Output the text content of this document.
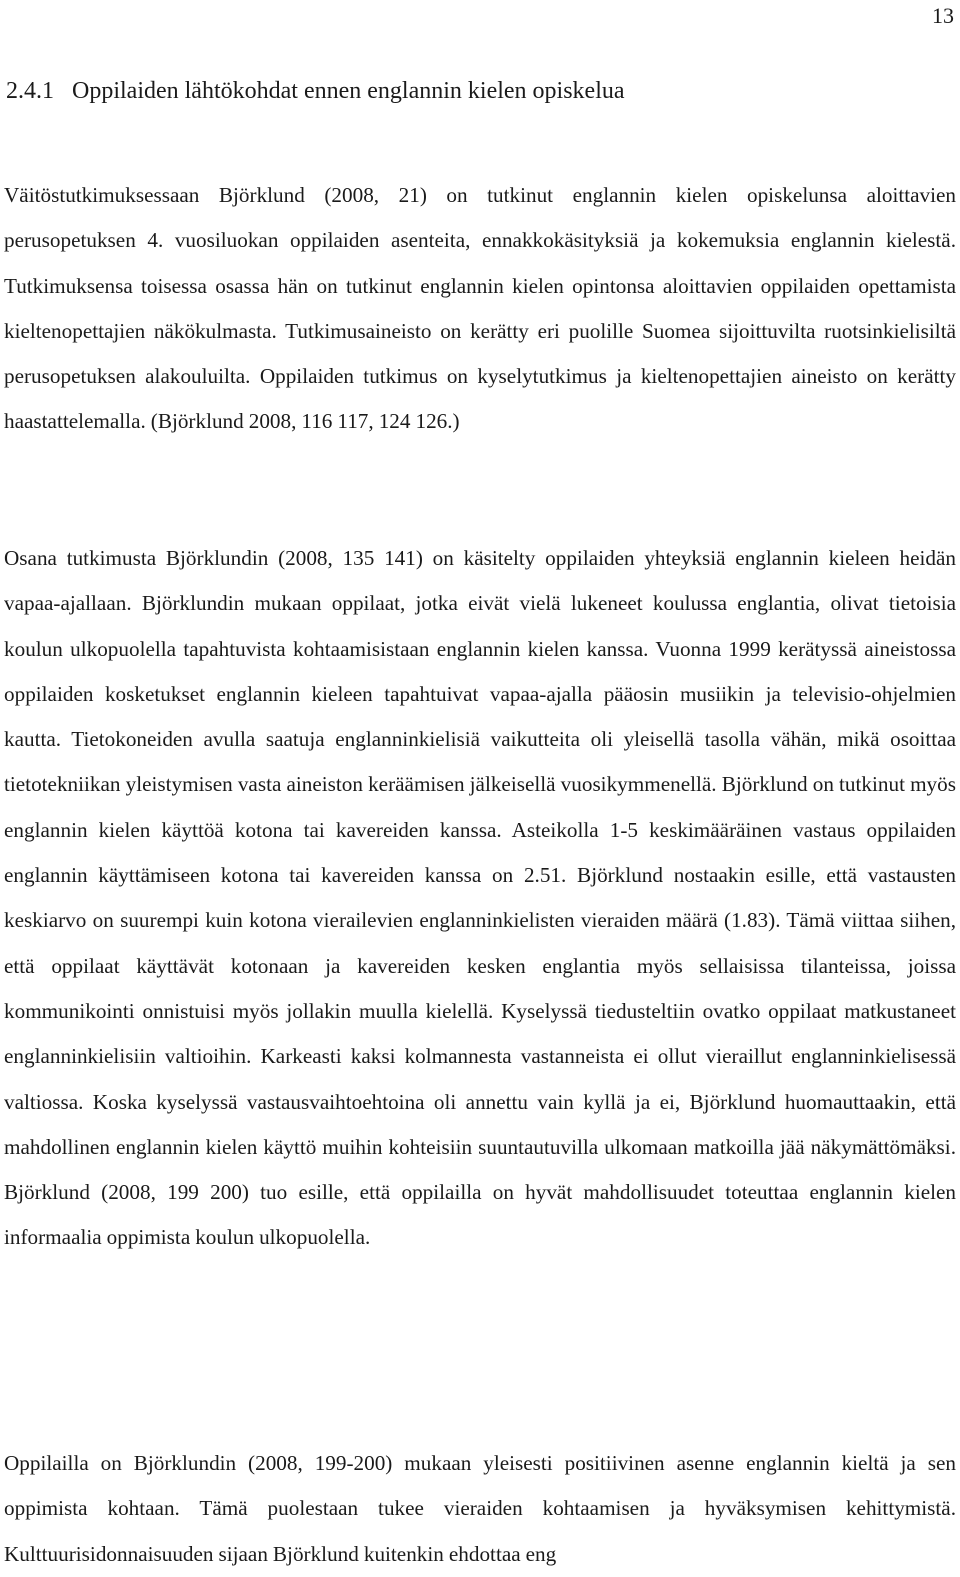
13
2.4.1 Oppilaiden lähtökohdat ennen englannin kielen opiskelua

Väitöstutkimuksessaan Björklund (2008, 21) on tutkinut englannin kielen opiskelunsa aloittavien perusopetuksen 4. vuosiluokan oppilaiden asenteita, ennakkokäsityksiä ja kokemuksia englannin kielestä. Tutkimuksensa toisessa osassa hän on tutkinut englannin kielen opintonsa aloittavien oppilaiden opettamista kieltenopettajien näkökulmasta. Tutkimusaineisto on kerätty eri puolille Suomea sijoittuvilta ruotsinkielisiltä perusopetuksen alakouluilta. Oppilaiden tutkimus on kyselytutkimus ja kieltenopettajien aineisto on kerätty haastattelemalla. (Björklund 2008, 116 117, 124 126.)

Osana tutkimusta Björklundin (2008, 135 141) on käsitelty oppilaiden yhteyksiä englannin kieleen heidän vapaa-ajallaan. Björklundin mukaan oppilaat, jotka eivät vielä lukeneet koulussa englantia, olivat tietoisia koulun ulkopuolella tapahtuvista kohtaamisistaan englannin kielen kanssa. Vuonna 1999 kerätyssä aineistossa oppilaiden kosketukset englannin kieleen tapahtuivat vapaa-ajalla pääosin musiikin ja televisio-ohjelmien kautta. Tietokoneiden avulla saatuja englanninkielisiä vaikutteita oli yleisellä tasolla vähän, mikä osoittaa tietotekniikan yleistymisen vasta aineiston keräämisen jälkeisellä vuosikymmenellä. Björklund on tutkinut myös englannin kielen käyttöä kotona tai kavereiden kanssa. Asteikolla 1-5 keskimääräinen vastaus oppilaiden englannin käyttämiseen kotona tai kavereiden kanssa on 2.51. Björklund nostaakin esille, että vastausten keskiarvo on suurempi kuin kotona vierailevien englanninkielisten vieraiden määrä (1.83). Tämä viittaa siihen, että oppilaat käyttävät kotonaan ja kavereiden kesken englantia myös sellaisissa tilanteissa, joissa kommunikointi onnistuisi myös jollakin muulla kielellä. Kyselyssä tiedusteltiin ovatko oppilaat matkustaneet englanninkielisiin valtioihin. Karkeasti kaksi kolmannesta vastanneista ei ollut vieraillut englanninkielisessä valtiossa. Koska kyselyssä vastausvaihtoehtoina oli annettu vain kyllä ja ei, Björklund huomauttaakin, että mahdollinen englannin kielen käyttö muihin kohteisiin suuntautuvilla ulkomaan matkoilla jää näkymättömäksi. Björklund (2008, 199 200) tuo esille, että oppilailla on hyvät mahdollisuudet toteuttaa englannin kielen informaalia oppimista koulun ulkopuolella.

Oppilailla on Björklundin (2008, 199-200) mukaan yleisesti positiivinen asenne englannin kieltä ja sen oppimista kohtaan. Tämä puolestaan tukee vieraiden kohtaamisen ja hyväksymisen kehittymistä. Kulttuurisidonnaisuuden sijaan Björklund kuitenkin ehdottaa eng
